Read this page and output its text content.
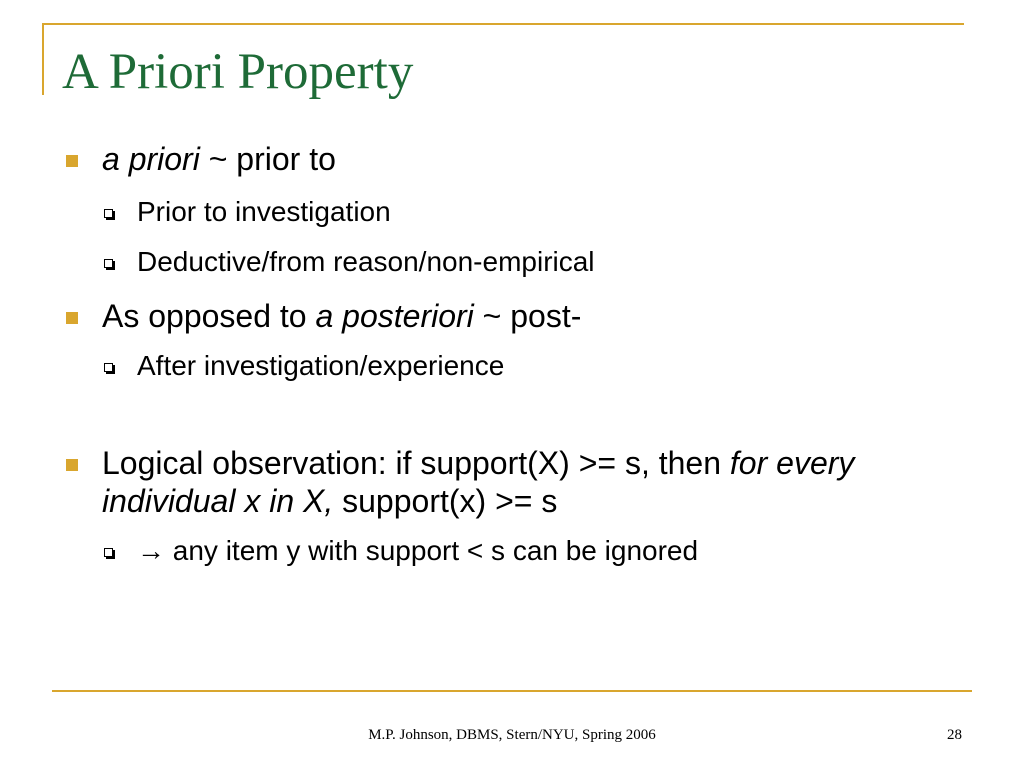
A Priori Property
a priori ~ prior to
Prior to investigation
Deductive/from reason/non-empirical
As opposed to a posteriori ~ post-
After investigation/experience
Logical observation: if support(X) >= s, then for every individual x in X, support(x) >= s
→ any item y with support < s can be ignored
M.P. Johnson, DBMS, Stern/NYU, Spring 2006	28
